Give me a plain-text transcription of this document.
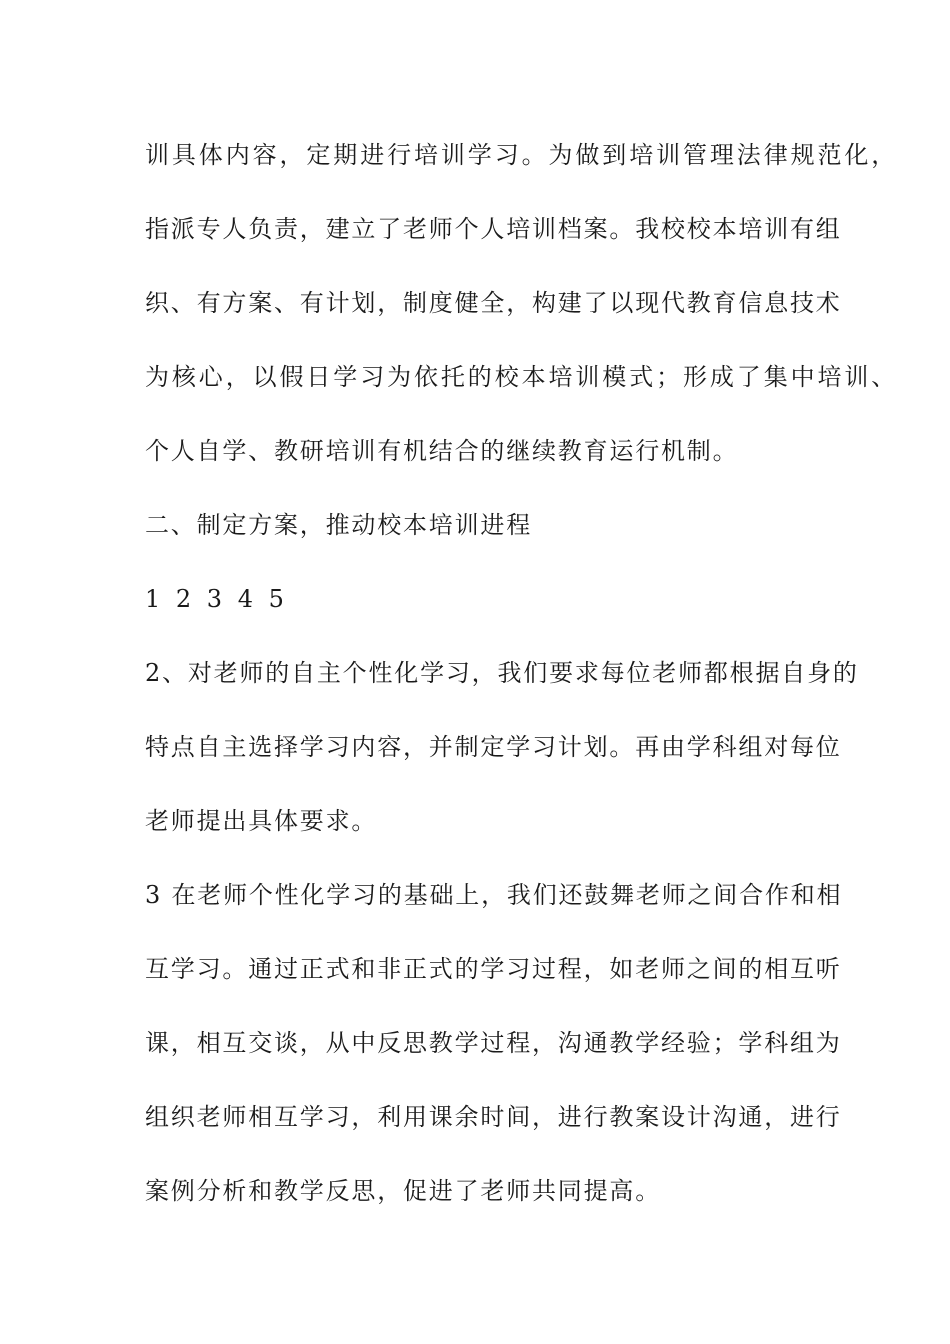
训具体内容，定期进行培训学习。为做到培训管理法律规范化，
指派专人负责，建立了老师个人培训档案。我校校本培训有组
织、有方案、有计划，制度健全，构建了以现代教育信息技术
为核心，以假日学习为依托的校本培训模式；形成了集中培训、
个人自学、教研培训有机结合的继续教育运行机制。
二、制定方案，推动校本培训进程
1 2 3 4 5
2、对老师的自主个性化学习，我们要求每位老师都根据自身的
特点自主选择学习内容，并制定学习计划。再由学科组对每位
老师提出具体要求。
3 在老师个性化学习的基础上，我们还鼓舞老师之间合作和相
互学习。通过正式和非正式的学习过程，如老师之间的相互听
课，相互交谈，从中反思教学过程，沟通教学经验；学科组为
组织老师相互学习，利用课余时间，进行教案设计沟通，进行
案例分析和教学反思，促进了老师共同提高。
